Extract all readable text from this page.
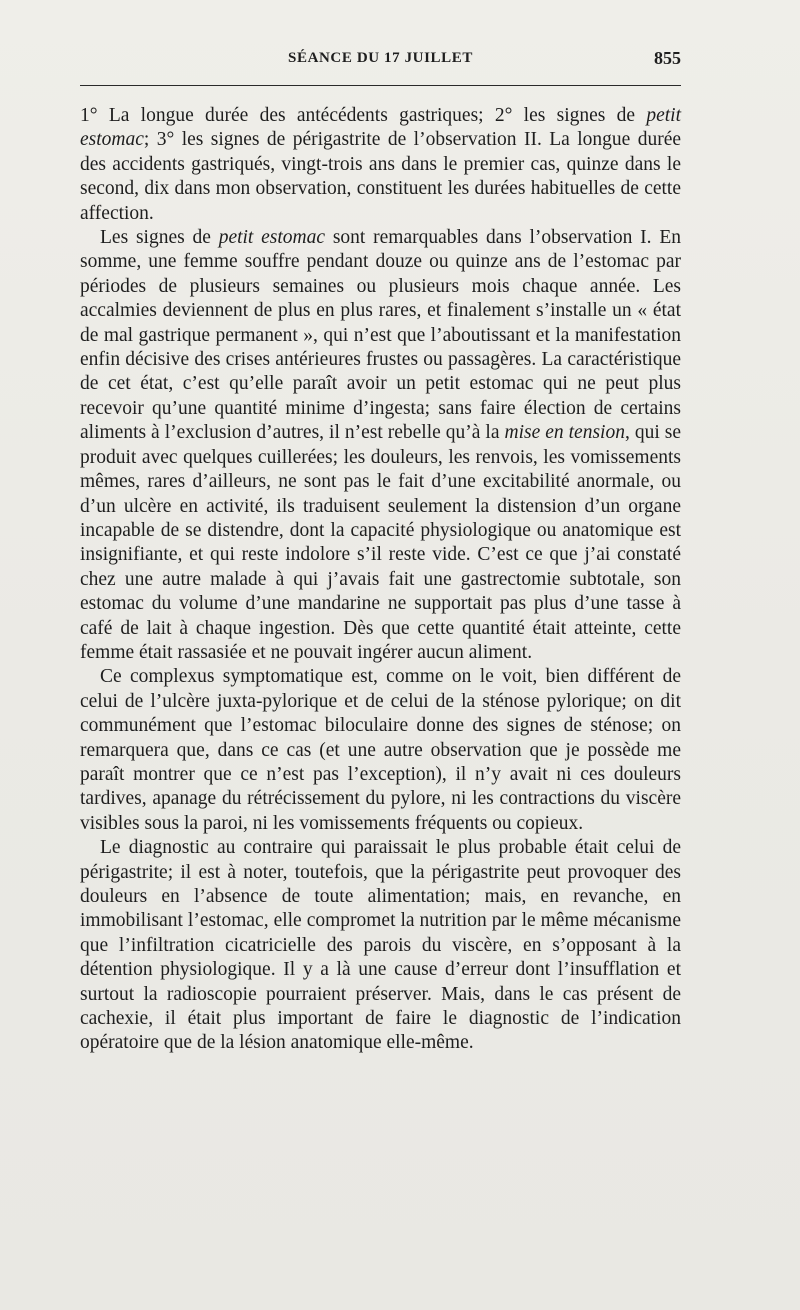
SÉANCE DU 17 JUILLET	855

1° La longue durée des antécédents gastriques; 2° les signes de petit estomac; 3° les signes de périgastrite de l’observation II. La longue durée des accidents gastriqués, vingt-trois ans dans le premier cas, quinze dans le second, dix dans mon observation, constituent les durées habituelles de cette affection.

Les signes de petit estomac sont remarquables dans l’observation I. En somme, une femme souffre pendant douze ou quinze ans de l’estomac par périodes de plusieurs semaines ou plusieurs mois chaque année. Les accalmies deviennent de plus en plus rares, et finalement s’installe un « état de mal gastrique permanent », qui n’est que l’aboutissant et la manifestation enfin décisive des crises antérieures frustes ou passagères. La caractéristique de cet état, c’est qu’elle paraît avoir un petit estomac qui ne peut plus recevoir qu’une quantité minime d’ingesta; sans faire élection de certains aliments à l’exclusion d’autres, il n’est rebelle qu’à la mise en tension, qui se produit avec quelques cuillerées; les douleurs, les renvois, les vomissements mêmes, rares d’ailleurs, ne sont pas le fait d’une excitabilité anormale, ou d’un ulcère en activité, ils traduisent seulement la distension d’un organe incapable de se distendre, dont la capacité physiologique ou anatomique est insignifiante, et qui reste indolore s’il reste vide. C’est ce que j’ai constaté chez une autre malade à qui j’avais fait une gastrectomie subtotale, son estomac du volume d’une mandarine ne supportait pas plus d’une tasse à café de lait à chaque ingestion. Dès que cette quantité était atteinte, cette femme était rassasiée et ne pouvait ingérer aucun aliment.

Ce complexus symptomatique est, comme on le voit, bien différent de celui de l’ulcère juxta-pylorique et de celui de la sténose pylorique; on dit communément que l’estomac biloculaire donne des signes de sténose; on remarquera que, dans ce cas (et une autre observation que je possède me paraît montrer que ce n’est pas l’exception), il n’y avait ni ces douleurs tardives, apanage du rétrécissement du pylore, ni les contractions du viscère visibles sous la paroi, ni les vomissements fréquents ou copieux.

Le diagnostic au contraire qui paraissait le plus probable était celui de périgastrite; il est à noter, toutefois, que la périgastrite peut provoquer des douleurs en l’absence de toute alimentation; mais, en revanche, en immobilisant l’estomac, elle compromet la nutrition par le même mécanisme que l’infiltration cicatricielle des parois du viscère, en s’opposant à la détention physiologique. Il y a là une cause d’erreur dont l’insufflation et surtout la radioscopie pourraient préserver. Mais, dans le cas présent de cachexie, il était plus important de faire le diagnostic de l’indication opératoire que de la lésion anatomique elle-même.
